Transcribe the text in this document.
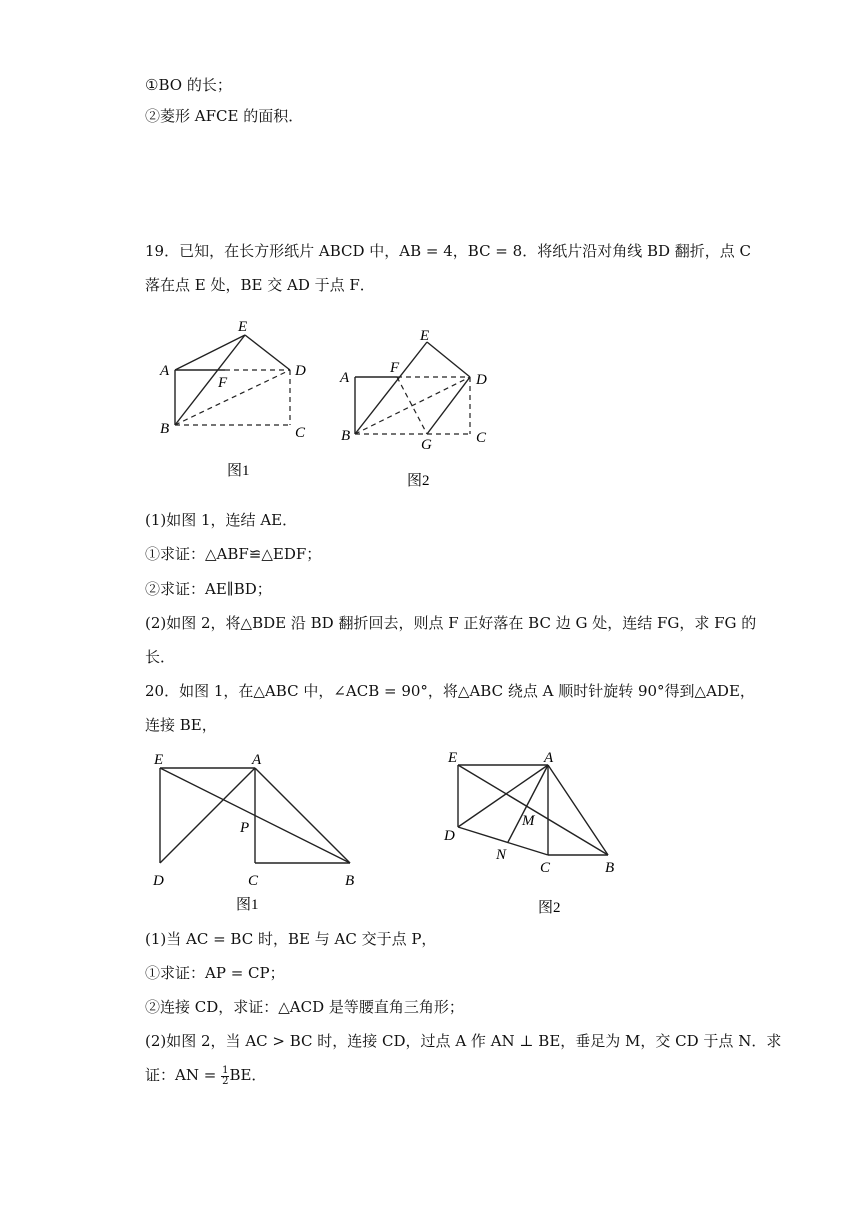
①BO 的长；
②菱形 AFCE 的面积．
19．已知，在长方形纸片 ABCD 中，AB = 4，BC = 8．将纸片沿对角线 BD 翻折，点 C
落在点 E 处，BE 交 AD 于点 F．
E
A	D
F
B	C
图1
E
A
F
D
B
G	C
图2
(1)如图 1，连结 AE．
①求证：△ABF≌△EDF；
②求证：AE∥BD；
(2)如图 2，将△BDE 沿 BD 翻折回去，则点 F 正好落在 BC 边 G 处，连结 FG，求 FG 的
长．
20．如图 1，在△ABC 中，∠ACB = 90°，将△ABC 绕点 A 顺时针旋转 90°得到△ADE，
连接 BE，
E	A
P
D	C	B
图1
E	A
M
D
N
C	B
图2
(1)当 AC = BC 时，BE 与 AC 交于点 P，
①求证：AP = CP；
②连接 CD，求证：△ACD 是等腰直角三角形；
(2)如图 2，当 AC > BC 时，连接 CD，过点 A 作 AN ⊥ BE，垂足为 M，交 CD 于点 N．求
证：AN = $\frac{1}{2}$ BE．
